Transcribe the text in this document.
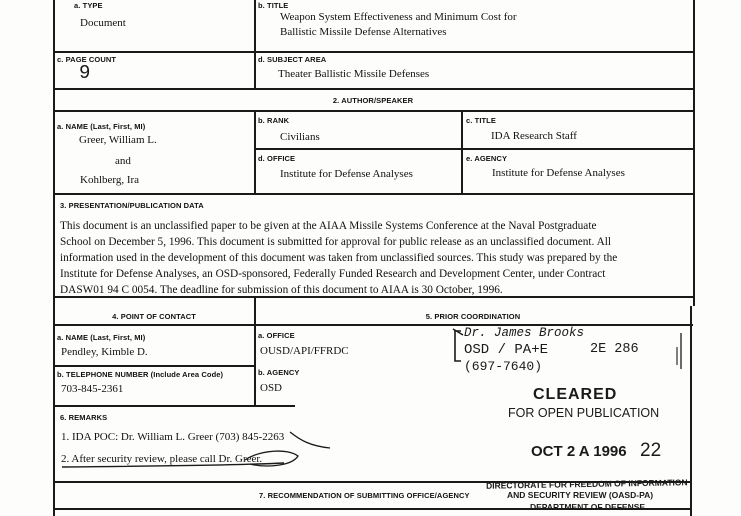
a. TYPE
Document
b. TITLE
Weapon System Effectiveness and Minimum Cost for
Ballistic Missile Defense Alternatives
c. PAGE COUNT
9
d. SUBJECT AREA
Theater Ballistic Missile Defenses
2. AUTHOR/SPEAKER
a. NAME (Last, First, MI)
Greer, William L.
and
Kohlberg, Ira
b. RANK
Civilians
c. TITLE
IDA Research Staff
d. OFFICE
Institute for Defense Analyses
e. AGENCY
Institute for Defense Analyses
3. PRESENTATION/PUBLICATION DATA
This document is an unclassified paper to be given at the AIAA Missile Systems Conference at the Naval Postgraduate
School on December 5, 1996. This document is submitted for approval for public release as an unclassified document. All
information used in the development of this document was taken from unclassified sources. This study was prepared by the
Institute for Defense Analyses, an OSD-sponsored, Federally Funded Research and Development Center, under Contract
DASW01 94 C 0054. The deadline for submission of this document to AIAA is 30 October, 1996.
4. POINT OF CONTACT
a. NAME (Last, First, MI)
Pendley, Kimble D.
a. OFFICE
OUSD/API/FFRDC
b. TELEPHONE NUMBER (Include Area Code)
703-845-2361
b. AGENCY
OSD
5. PRIOR COORDINATION
Dr. James Brooks
OSD / PA+E	2E 286
(697-7640)
6. REMARKS
1. IDA POC: Dr. William L. Greer (703) 845-2263
2. After security review, please call Dr. Greer.
CLEARED
FOR OPEN PUBLICATION
OCT 2 A 1996 22
DIRECTORATE FOR FREEDOM OF INFORMATION
AND SECURITY REVIEW (OASD-PA)
DEPARTMENT OF DEFENSE
7. RECOMMENDATION OF SUBMITTING OFFICE/AGENCY
